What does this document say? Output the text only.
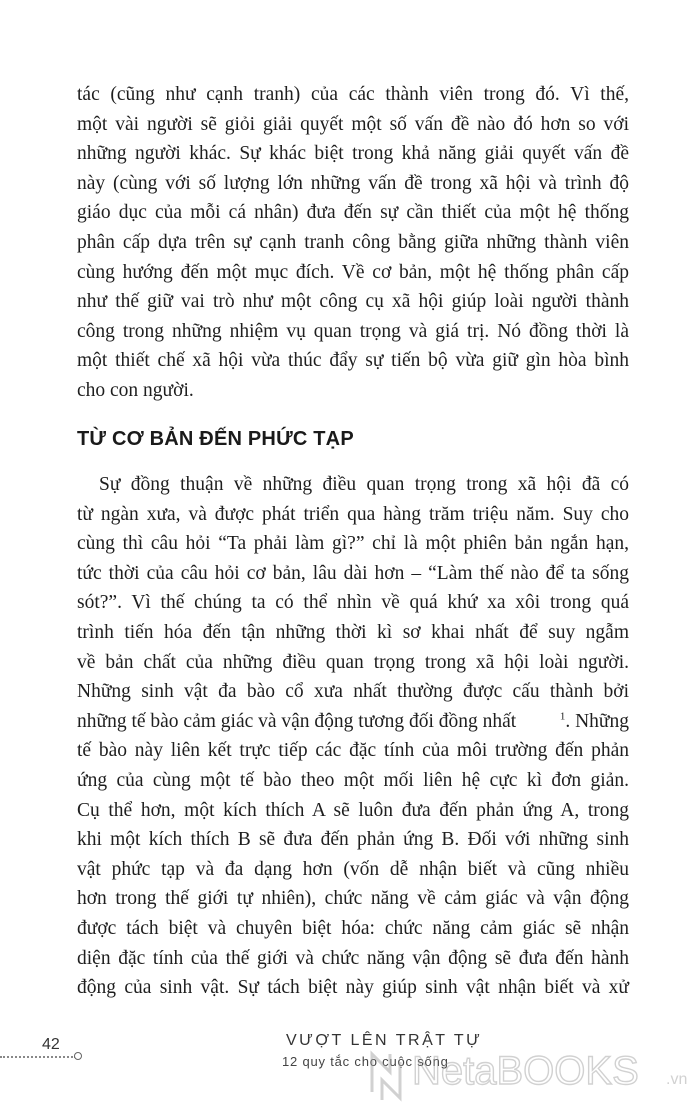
tác (cũng như cạnh tranh) của các thành viên trong đó. Vì thế,
một vài người sẽ giỏi giải quyết một số vấn đề nào đó hơn so với
những người khác. Sự khác biệt trong khả năng giải quyết vấn đề
này (cùng với số lượng lớn những vấn đề trong xã hội và trình độ
giáo dục của mỗi cá nhân) đưa đến sự cần thiết của một hệ thống
phân cấp dựa trên sự cạnh tranh công bằng giữa những thành viên
cùng hướng đến một mục đích. Về cơ bản, một hệ thống phân cấp
như thế giữ vai trò như một công cụ xã hội giúp loài người thành
công trong những nhiệm vụ quan trọng và giá trị. Nó đồng thời là
một thiết chế xã hội vừa thúc đẩy sự tiến bộ vừa giữ gìn hòa bình
cho con người.
TỪ CƠ BẢN ĐẾN PHỨC TẠP
Sự đồng thuận về những điều quan trọng trong xã hội đã có
từ ngàn xưa, và được phát triển qua hàng trăm triệu năm. Suy cho
cùng thì câu hỏi “Ta phải làm gì?” chỉ là một phiên bản ngắn hạn,
tức thời của câu hỏi cơ bản, lâu dài hơn – “Làm thế nào để ta sống
sót?”. Vì thế chúng ta có thể nhìn về quá khứ xa xôi trong quá
trình tiến hóa đến tận những thời kì sơ khai nhất để suy ngẫm
về bản chất của những điều quan trọng trong xã hội loài người.
Những sinh vật đa bào cổ xưa nhất thường được cấu thành bởi
những tế bào cảm giác và vận động tương đối đồng nhất	$^1$. Những
tế bào này liên kết trực tiếp các đặc tính của môi trường đến phản
ứng của cùng một tế bào theo một mối liên hệ cực kì đơn giản.
Cụ thể hơn, một kích thích A sẽ luôn đưa đến phản ứng A, trong
khi một kích thích B sẽ đưa đến phản ứng B. Đối với những sinh
vật phức tạp và đa dạng hơn (vốn dễ nhận biết và cũng nhiều
hơn trong thế giới tự nhiên), chức năng về cảm giác và vận động
được tách biệt và chuyên biệt hóa: chức năng cảm giác sẽ nhận
diện đặc tính của thế giới và chức năng vận động sẽ đưa đến hành
động của sinh vật. Sự tách biệt này giúp sinh vật nhận biết và xử
42	VƯỢT LÊN TRẬT TỰ
12 quy tắc cho cuộc sống
NetaBOOKS .vn
